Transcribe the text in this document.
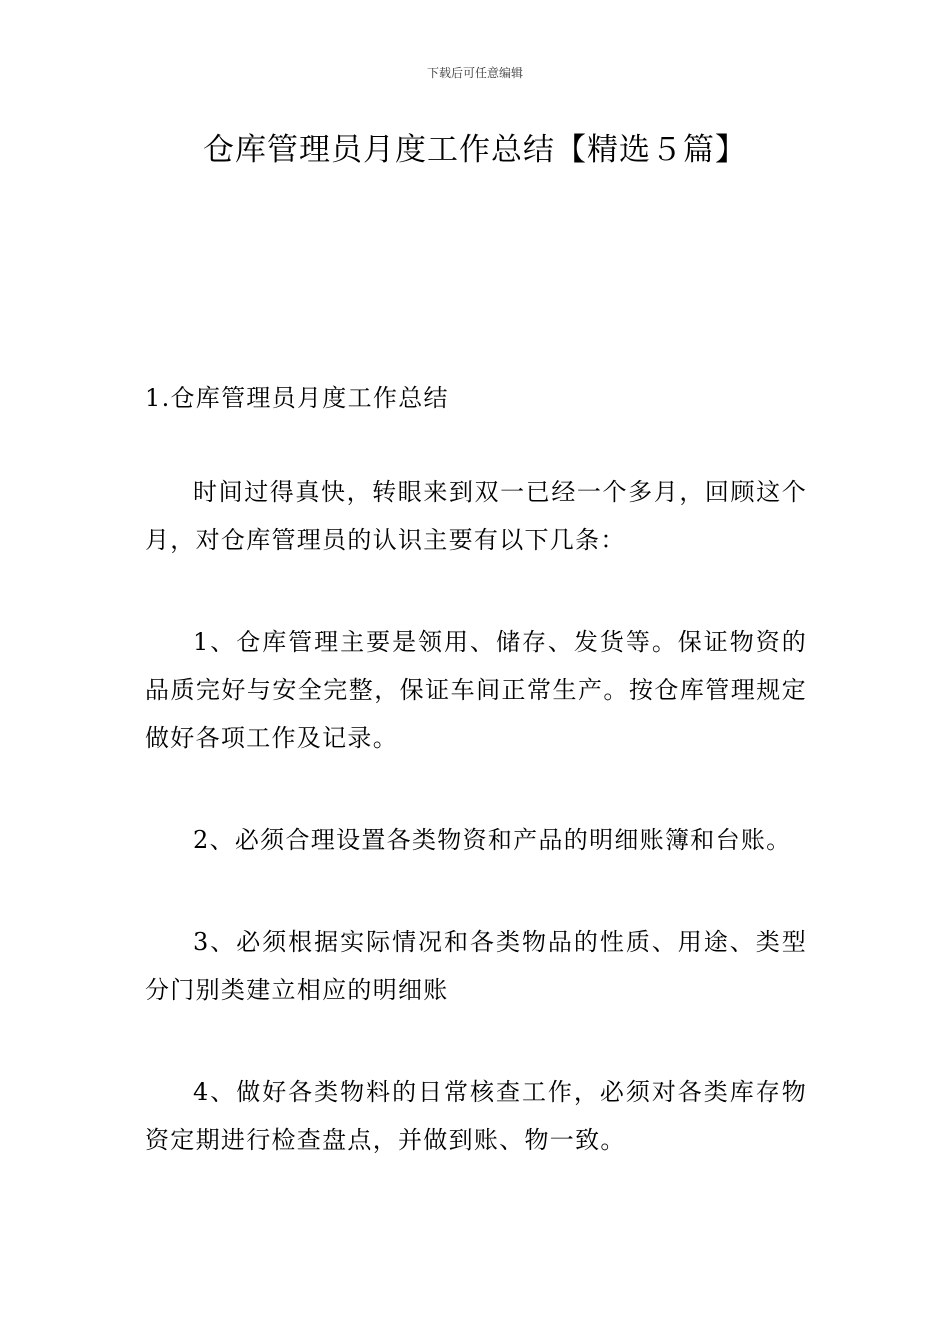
下载后可任意编辑
仓库管理员月度工作总结【精选５篇】

1.仓库管理员月度工作总结

时间过得真快，转眼来到双一已经一个多月，回顾这个月，对仓库管理员的认识主要有以下几条：

1、仓库管理主要是领用、储存、发货等。保证物资的品质完好与安全完整，保证车间正常生产。按仓库管理规定做好各项工作及记录。

2、必须合理设置各类物资和产品的明细账簿和台账。

3、必须根据实际情况和各类物品的性质、用途、类型分门别类建立相应的明细账

4、做好各类物料的日常核查工作，必须对各类库存物资定期进行检查盘点，并做到账、物一致。
